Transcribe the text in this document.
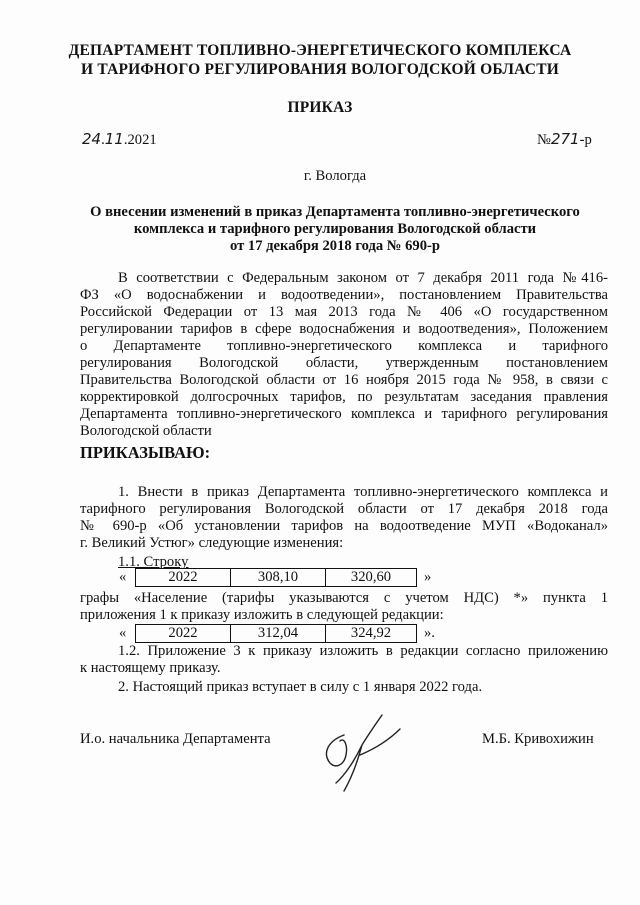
ДЕПАРТАМЕНТ ТОПЛИВНО-ЭНЕРГЕТИЧЕСКОГО КОМПЛЕКСА
И ТАРИФНОГО РЕГУЛИРОВАНИЯ ВОЛОГОДСКОЙ ОБЛАСТИ
ПРИКАЗ
24.11.2021	№271-р
г. Вологда
О внесении изменений в приказ Департамента топливно-энергетического
комплекса и тарифного регулирования Вологодской области
от 17 декабря 2018 года № 690-р
В соответствии с Федеральным законом от 7 декабря 2011 года №416-
ФЗ «О водоснабжении и водоотведении», постановлением Правительства
Российской Федерации от 13 мая 2013 года № 406 «О государственном
регулировании тарифов в сфере водоснабжения и водоотведения», Положением
о Департаменте топливно-энергетического комплекса и тарифного
регулирования Вологодской области, утвержденным постановлением
Правительства Вологодской области от 16 ноября 2015 года № 958, в связи с
корректировкой долгосрочных тарифов, по результатам заседания правления
Департамента топливно-энергетического комплекса и тарифного регулирования
Вологодской области
ПРИКАЗЫВАЮ:
1. Внести в приказ Департамента топливно-энергетического комплекса и
тарифного регулирования Вологодской области от 17 декабря 2018 года
№ 690-р «Об установлении тарифов на водоотведение МУП «Водоканал»
г. Великий Устюг» следующие изменения:
1.1. Строку
«	2022	308,10	320,60 »
графы «Население (тарифы указываются с учетом НДС) *» пункта 1
приложения 1 к приказу изложить в следующей редакции:
«	2022	312,04	324,92 ».
1.2. Приложение 3 к приказу изложить в редакции согласно приложению
к настоящему приказу.
2. Настоящий приказ вступает в силу с 1 января 2022 года.
И.о. начальника Департамента	М.Б. Кривохижин
